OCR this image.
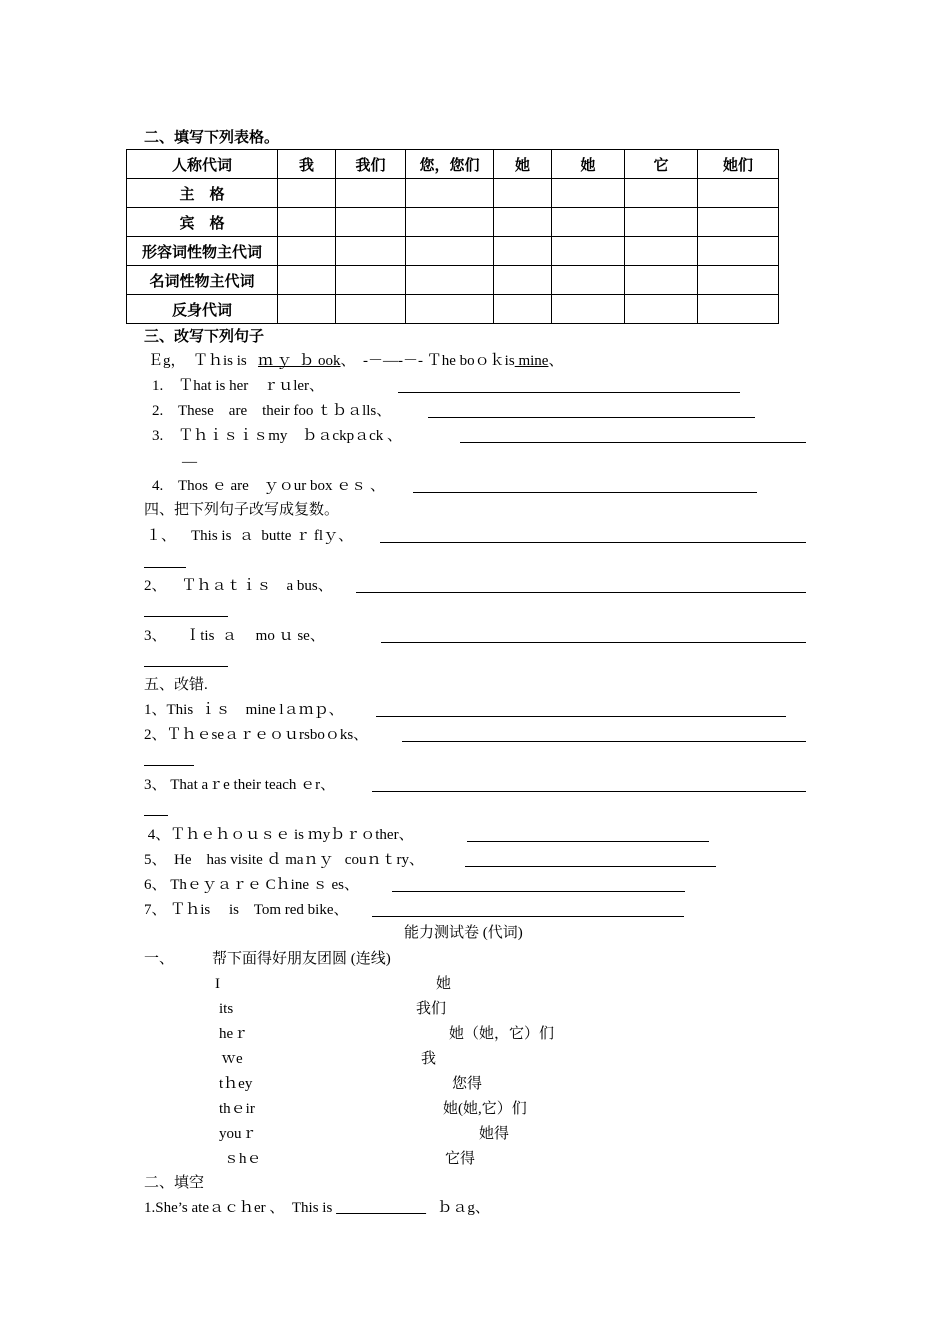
二、填写下列表格。
人称代词	我	我们	您，您们	她	她	它	她们
主　格							
宾　格							
形容词性物主代词							
名词性物主代词							
反身代词							
三、改写下列句子
Ｅg，  Ｔｈis is   ｍ ｙ  ｂ ook、  -－—-－- Ｔhe boｏｋis mine、
1.    Ｔhat is her    ｒｕler、
2.    These    are    their foo ｔｂａlls、
3.    Ｔｈｉｓｉｓmy    ｂａckpａck 、
—
4.    Thos ｅ are    ｙｏur box ｅｓ 、
四、把下列句子改写成复数。
１、    This is  ａ  butte ｒ flｙ、
2、    Ｔｈａｔｉｓ    a bus、
3、     Ｉtis  ａ     mo ｕ se、
五、改错.
1、This  ｉｓ    mine lａｍｐ、
2、Ｔｈｅseａｒｅｏｕrsboｏks、
3、 That aｒe their teach ｅr、
4、Ｔｈｅｈｏｕｓｅ is ｍyｂｒｏther、
5、  He    has visite ｄ maｎｙ   couｎｔry、
6、 Thｅｙａｒｅ Cｈine ｓ es、
7、 Ｔｈis     is    Tom red bike、
能力测试卷 (代词)
一、	帮下面得好朋友团圆 (连线)
I	她
its	我们
heｒ	她（她，它）们
ｗe	我
tｈey	您得
thｅir	她(她,它）们
youｒ	她得
ｓhｅ	它得
二、填空
1.She’s ateａｃｈer 、  This is	ｂａg、
